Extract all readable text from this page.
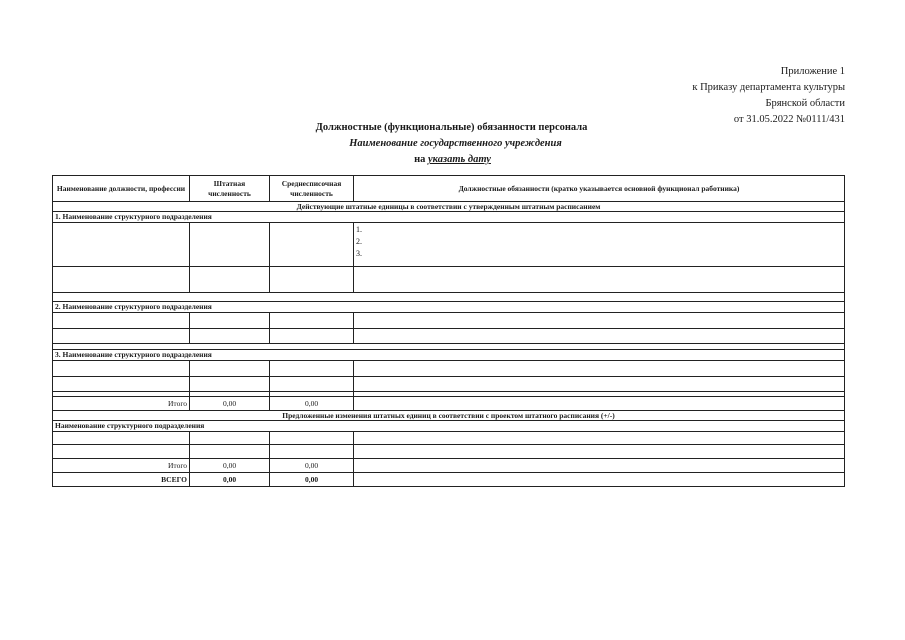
Приложение 1
к Приказу департамента культуры
Брянской области
от 31.05.2022 №0111/431
Должностные (функциональные) обязанности персонала
Наименование государственного учреждения
на указать дату
Наименование должности, профессии	Штатная численность	Среднесписочная численность	Должностные обязанности (кратко указывается основной функционал работника)
Действующие штатные единицы в соответствии с утвержденным штатным расписанием			
1. Наименование структурного подразделения			

			1.
2.
3.

2. Наименование структурного подразделения			

3. Наименование структурного подразделения			

Итого	0,00	0,00	
Предложенные изменения штатных единиц в соответствии с проектом штатного расписания (+/-)			
Наименование структурного подразделения			

Итого	0,00	0,00	
ВСЕГО	0,00	0,00	
